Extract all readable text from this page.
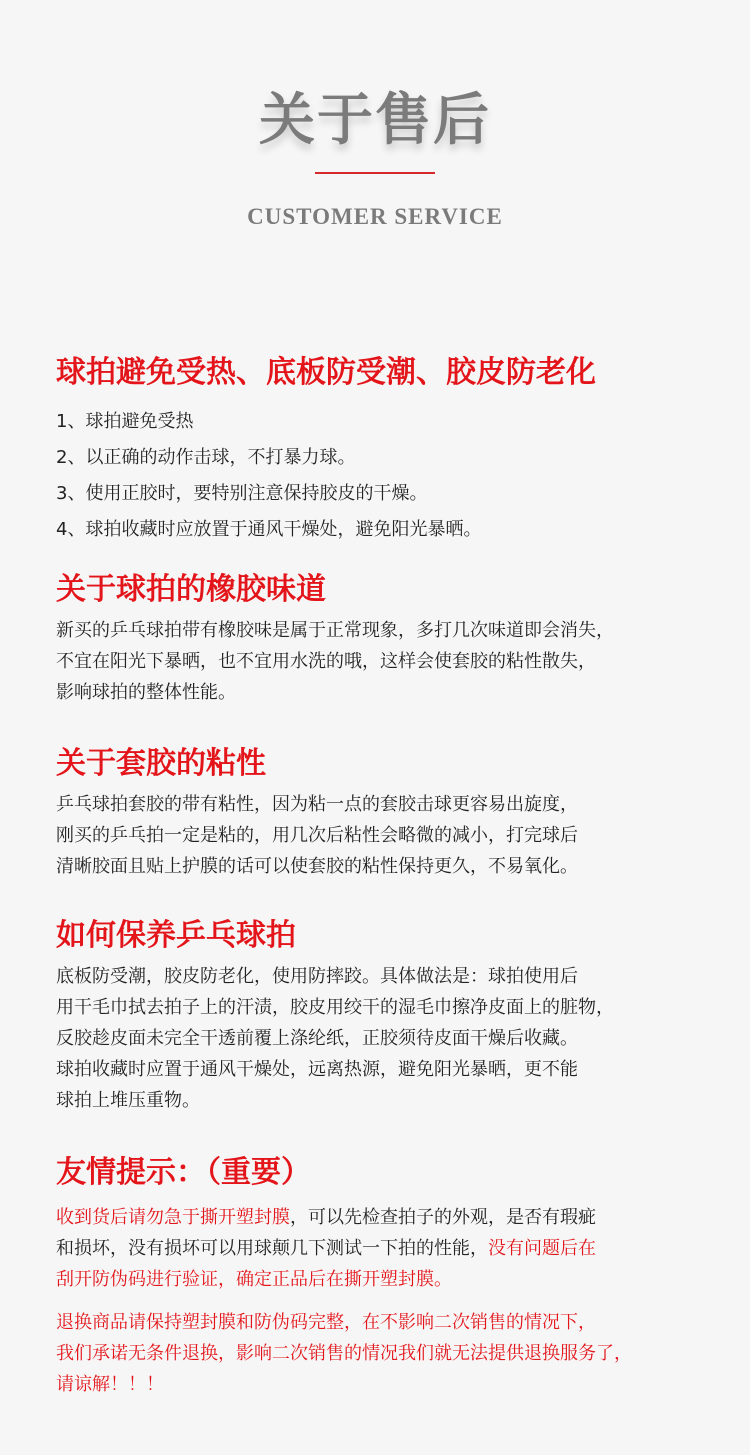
关于售后
CUSTOMER SERVICE
球拍避免受热、底板防受潮、胶皮防老化
1、球拍避免受热
2、以正确的动作击球，不打暴力球。
3、使用正胶时，要特别注意保持胶皮的干燥。
4、球拍收藏时应放置于通风干燥处，避免阳光暴晒。
关于球拍的橡胶味道
新买的乒乓球拍带有橡胶味是属于正常现象，多打几次味道即会消失，
不宜在阳光下暴晒，也不宜用水洗的哦，这样会使套胶的粘性散失，
影响球拍的整体性能。
关于套胶的粘性
乒乓球拍套胶的带有粘性，因为粘一点的套胶击球更容易出旋度，
刚买的乒乓拍一定是粘的，用几次后粘性会略微的减小，打完球后
清晰胶面且贴上护膜的话可以使套胶的粘性保持更久，不易氧化。
如何保养乒乓球拍
底板防受潮，胶皮防老化，使用防摔跤。具体做法是：球拍使用后
用干毛巾拭去拍子上的汗渍，胶皮用绞干的湿毛巾擦净皮面上的脏物，
反胶趁皮面未完全干透前覆上涤纶纸，正胶须待皮面干燥后收藏。
球拍收藏时应置于通风干燥处，远离热源，避免阳光暴晒，更不能
球拍上堆压重物。
友情提示：（重要）
收到货后请勿急于撕开塑封膜，可以先检查拍子的外观，是否有瑕疵
和损坏，没有损坏可以用球颠几下测试一下拍的性能，没有问题后在
刮开防伪码进行验证，确定正品后在撕开塑封膜。
退换商品请保持塑封膜和防伪码完整，在不影响二次销售的情况下，
我们承诺无条件退换，影响二次销售的情况我们就无法提供退换服务了，
请谅解！！！
